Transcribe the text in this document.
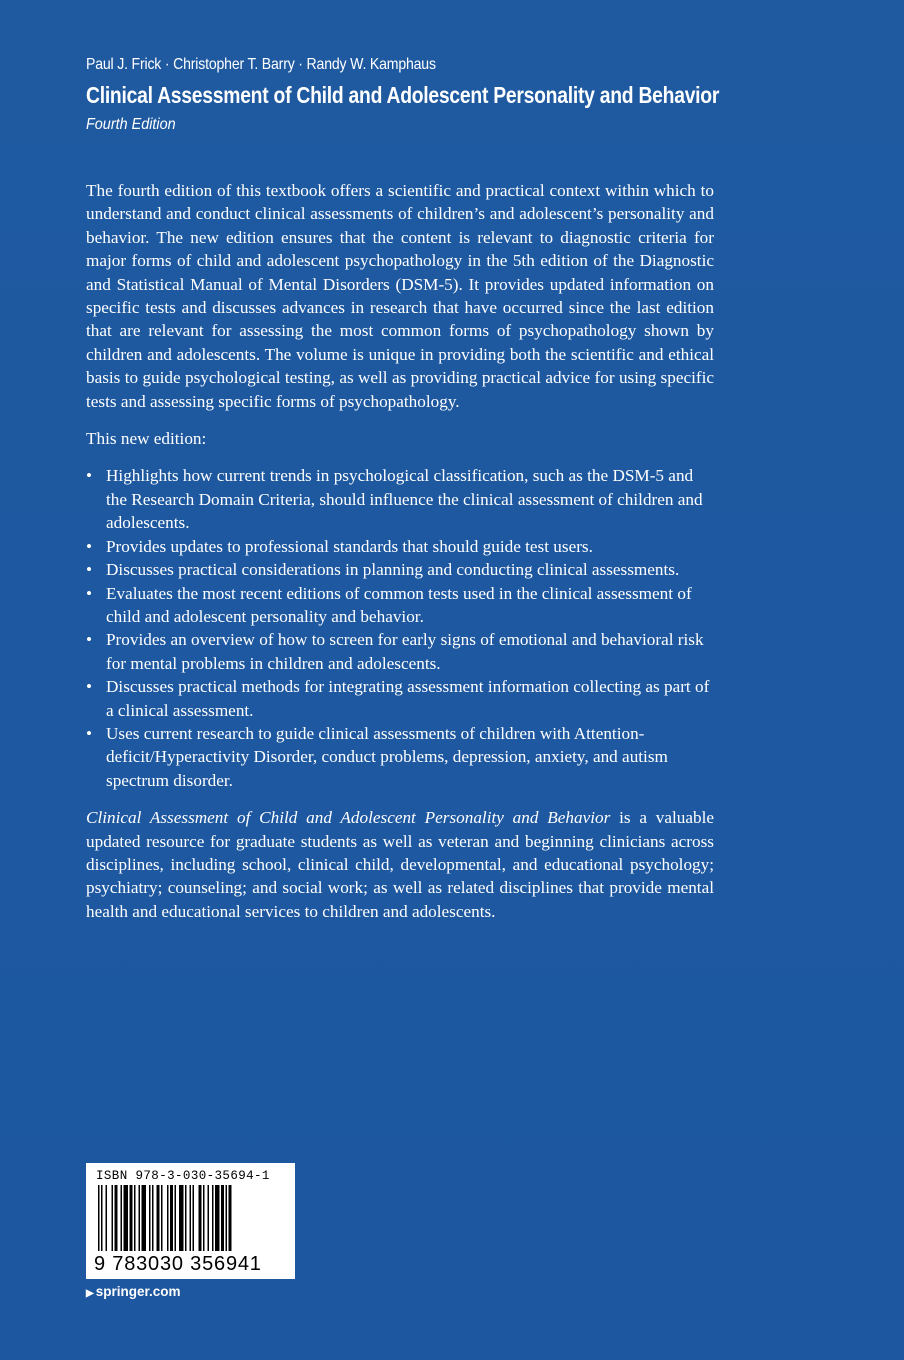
Paul J. Frick · Christopher T. Barry · Randy W. Kamphaus
Clinical Assessment of Child and Adolescent Personality and Behavior
Fourth Edition

The fourth edition of this textbook offers a scientific and practical context within which to understand and conduct clinical assessments of children’s and adolescent’s personality and behavior. The new edition ensures that the content is relevant to diagnostic criteria for major forms of child and adolescent psychopathology in the 5th edition of the Diagnostic and Statistical Manual of Mental Disorders (DSM-5). It provides updated information on specific tests and discusses advances in research that have occurred since the last edition that are relevant for assessing the most common forms of psychopathology shown by children and adolescents. The volume is unique in providing both the scientific and ethical basis to guide psychological testing, as well as providing practical advice for using specific tests and assessing specific forms of psychopathology.

This new edition:

• Highlights how current trends in psychological classification, such as the DSM-5 and the Research Domain Criteria, should influence the clinical assessment of children and adolescents.
• Provides updates to professional standards that should guide test users.
• Discusses practical considerations in planning and conducting clinical assessments.
• Evaluates the most recent editions of common tests used in the clinical assessment of child and adolescent personality and behavior.
• Provides an overview of how to screen for early signs of emotional and behavioral risk for mental problems in children and adolescents.
• Discusses practical methods for integrating assessment information collecting as part of a clinical assessment.
• Uses current research to guide clinical assessments of children with Attention-deficit/Hyperactivity Disorder, conduct problems, depression, anxiety, and autism spectrum disorder.

Clinical Assessment of Child and Adolescent Personality and Behavior is a valuable updated resource for graduate students as well as veteran and beginning clinicians across disciplines, including school, clinical child, developmental, and educational psychology; psychiatry; counseling; and social work; as well as related disciplines that provide mental health and educational services to children and adolescents.

ISBN 978-3-030-35694-1
9 783030 356941
▶ springer.com
